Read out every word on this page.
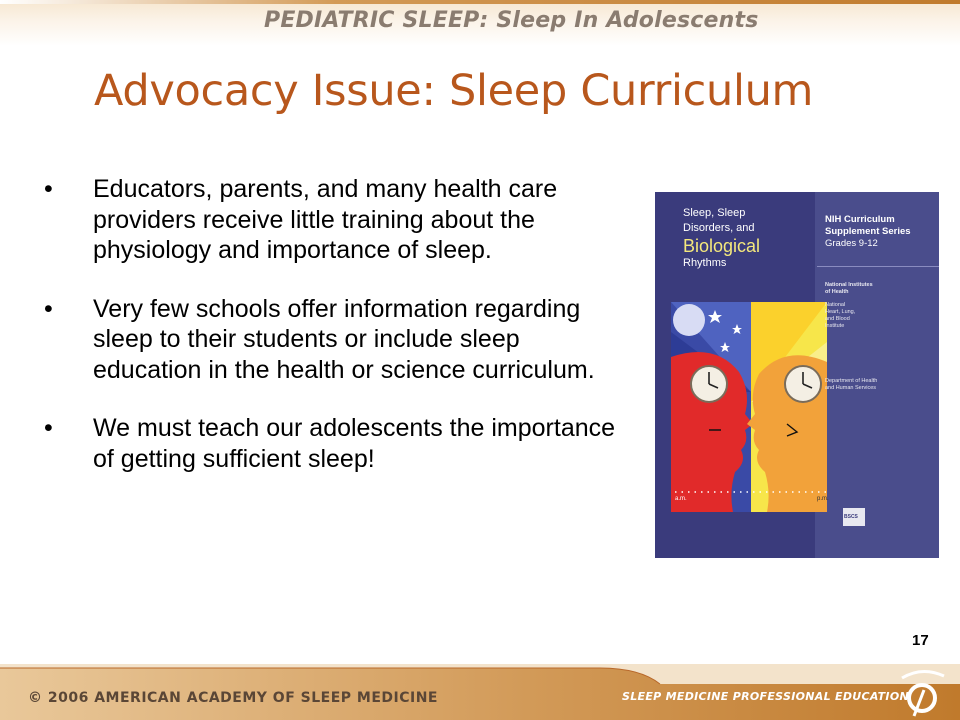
PEDIATRIC SLEEP: Sleep In Adolescents
Advocacy Issue: Sleep Curriculum
• Educators, parents, and many health care providers receive little training about the physiology and importance of sleep.
• Very few schools offer information regarding sleep to their students or include sleep education in the health or science curriculum.
• We must teach our adolescents the importance of getting sufficient sleep!
Sleep, Sleep
Disorders, and
Biological
Rhythms
NIH Curriculum
Supplement Series
Grades 9-12
National Institutes
of Health
National
Heart, Lung,
and Blood
Institute
Department of Health
and Human Services
a.m.	p.m.
BSCS
17
© 2006 AMERICAN ACADEMY OF SLEEP MEDICINE	SLEEP MEDICINE PROFESSIONAL EDUCATION
